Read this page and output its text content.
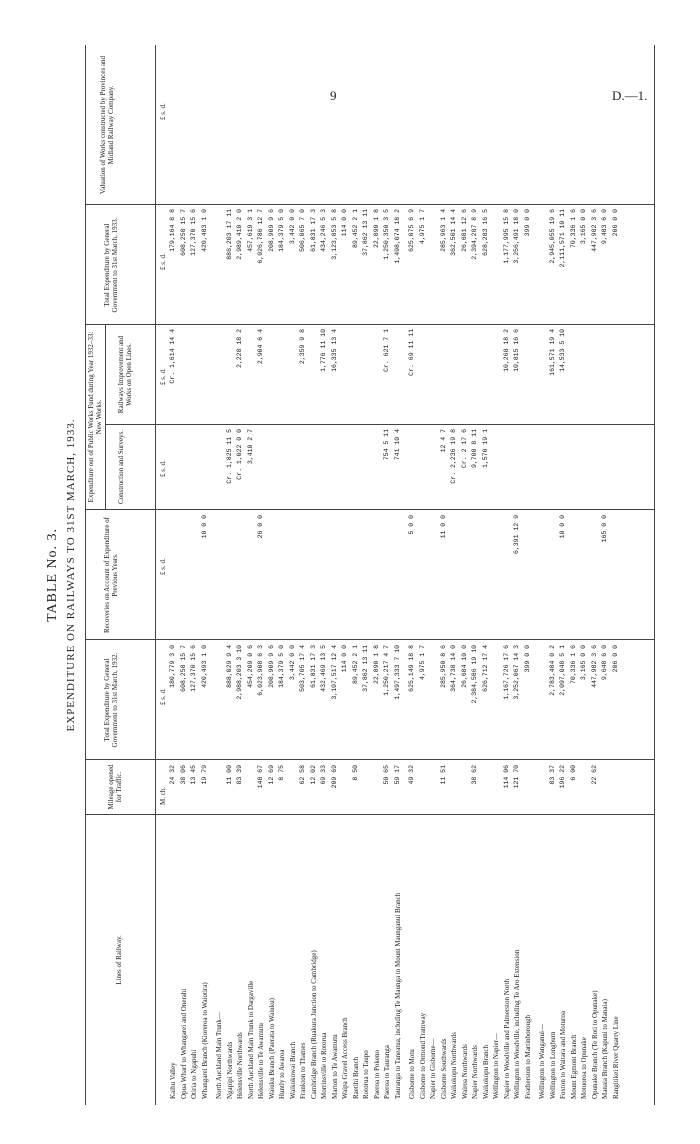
9	D.—1.
TABLE No. 3. EXPENDITURE ON RAILWAYS TO 31ST MARCH, 1933.
Lines of Railway.
Mileage opened for Traffic.
Total Expenditure by General Government to 31st March, 1932.
Recoveries on Account of Expenditure of Previous Years.
Expenditure out of Public Works Fund during Year 1932–33: New Works.
Construction and Surveys.
Railways Improvement and Works on Open Lines.
Total Expenditure by General Government to 31st March, 1933.
Valuation of Works constructed by Provinces and Midland Railway Company.
M. ch.
£ s. d.
£ s. d.
£ s. d.
£ s. d.
£ s. d.
£ s. d.
Kaihu Valley
24 32
180,779 3 0
Cr. 1,614 14 4
179,164 8 8
Opua Wharf to Whangarei and Onerahi
38 06
608,258 15 7
608,258 15 7
Otiria to Ngapuhi
13 45
127,370 15 6
127,370 15 6
Whangarei Branch (Kioreroa to Waiotira)
19 79
420,493 1 0
10 0 0
420,483 1 0
North Auckland Main Trunk— Ngapipi Northwards
11 00
888,029 9 4
Cr. 1,825 11 5
886,203 17 11
Helensville Northwards
83 39
2,988,203 3 10
Cr. 1,022 0 0
2,228 18 2
2,989,410 2 0
North Auckland Main Trunk to Dargaville
454,209 0 6
3,410 2 7
457,619 3 1
Helensville to Te Awamutu
148 67
6,023,908 6 3
26 0 0
2,904 6 4
6,026,786 12 7
Waiuku Branch (Paerata to Waiuku)
12 69
208,909 9 6
208,909 9 6
Huntly to Awaroa
8 75
184,379 5 0
184,379 5 0
Waikokowai Branch
3,442 0 0
3,442 0 0
Frankton to Thames
62 58
503,705 17 4
2,359 9 8
506,065 7 0
Cambridge Branch (Ruakura Junction to Cambridge)
12 02
61,831 17 3
61,831 17 3
Morrinsville to Rotorua
69 33
432,469 13 5
1,776 11 10
434,246 5 3
Marton to Te Awamutu
209 69
3,107,517 12 4
16,335 13 4
3,123,853 5 8
Waipa Gravel Access Branch
114 0 0
114 0 0
Raetihi Branch
8 50
89,452 2 1
89,452 2 1
Rotorua to Taupo
37,862 13 11
37,862 13 11
Paeroa to Pokeno
22,890 1 8
22,890 1 8
Paeroa to Tauranga
50 65
1,250,217 4 7
754 5 11
Cr. 621 7 1
1,250,350 3 5
Tauranga to Taneatua, including Te Maunga to Mount Maunganui Branch
59 17
1,497,333 7 10
741 10 4
1,498,074 18 2
Gisborne to Motu
49 32
625,149 18 8
5 0 0
Cr. 69 11 11
625,075 6 9
Gisborne to Ormond Tramway
4,975 1 7
4,975 1 7
Napier to Gisborne— Gisborne Southwards
11 51
285,950 8 6
11 0 0
12 4 7
285,963 1 4
Waikokopu Northwards
364,738 14 0
Cr. 2,236 19 8
362,501 14 4
Wairoa Northwards
26,684 10 0
Cr. 2 17 6
26,681 12 6
Napier Northwards
38 62
2,384,586 19 10
9,700 8 11
2,394,287 8 9
Waikokopu Branch
626,712 17 4
1,570 19 1
628,283 16 5
Wellington to Napier— Napier to Woodville and Palmerston North
114 06
1,167,726 17 6
10,268 18 2
1,177,995 15 8
Wellington to Woodville, including Te Aro Extension
121 70
3,252,067 14 3
6,391 12 9
10,815 16 6
3,256,491 18 0
Featherston to Martinborough
399 0 0
399 0 0
Wellington to Wanganui— Wellington to Longburn
83 37
2,783,484 0 2
161,571 19 4
2,945,055 19 6
Foxton to Waitara and Moturoa
196 22
2,097,048 5 1
10 0 0
14,533 5 10
2,111,571 10 11
Mount Egmont Branch
6 00
70,336 1 6
70,336 1 6
Motuoroa to Opunake
3,165 0 0
3,165 0 0
Opunake Branch (Te Roti to Opunake)
22 62
447,982 3 6
447,982 3 6
Manaia Branch (Kapuni to Manaia)
9,648 6 0
165 0 0
9,483 6 0
Rangitikei River Quarry Line
206 0 0
206 0 0
